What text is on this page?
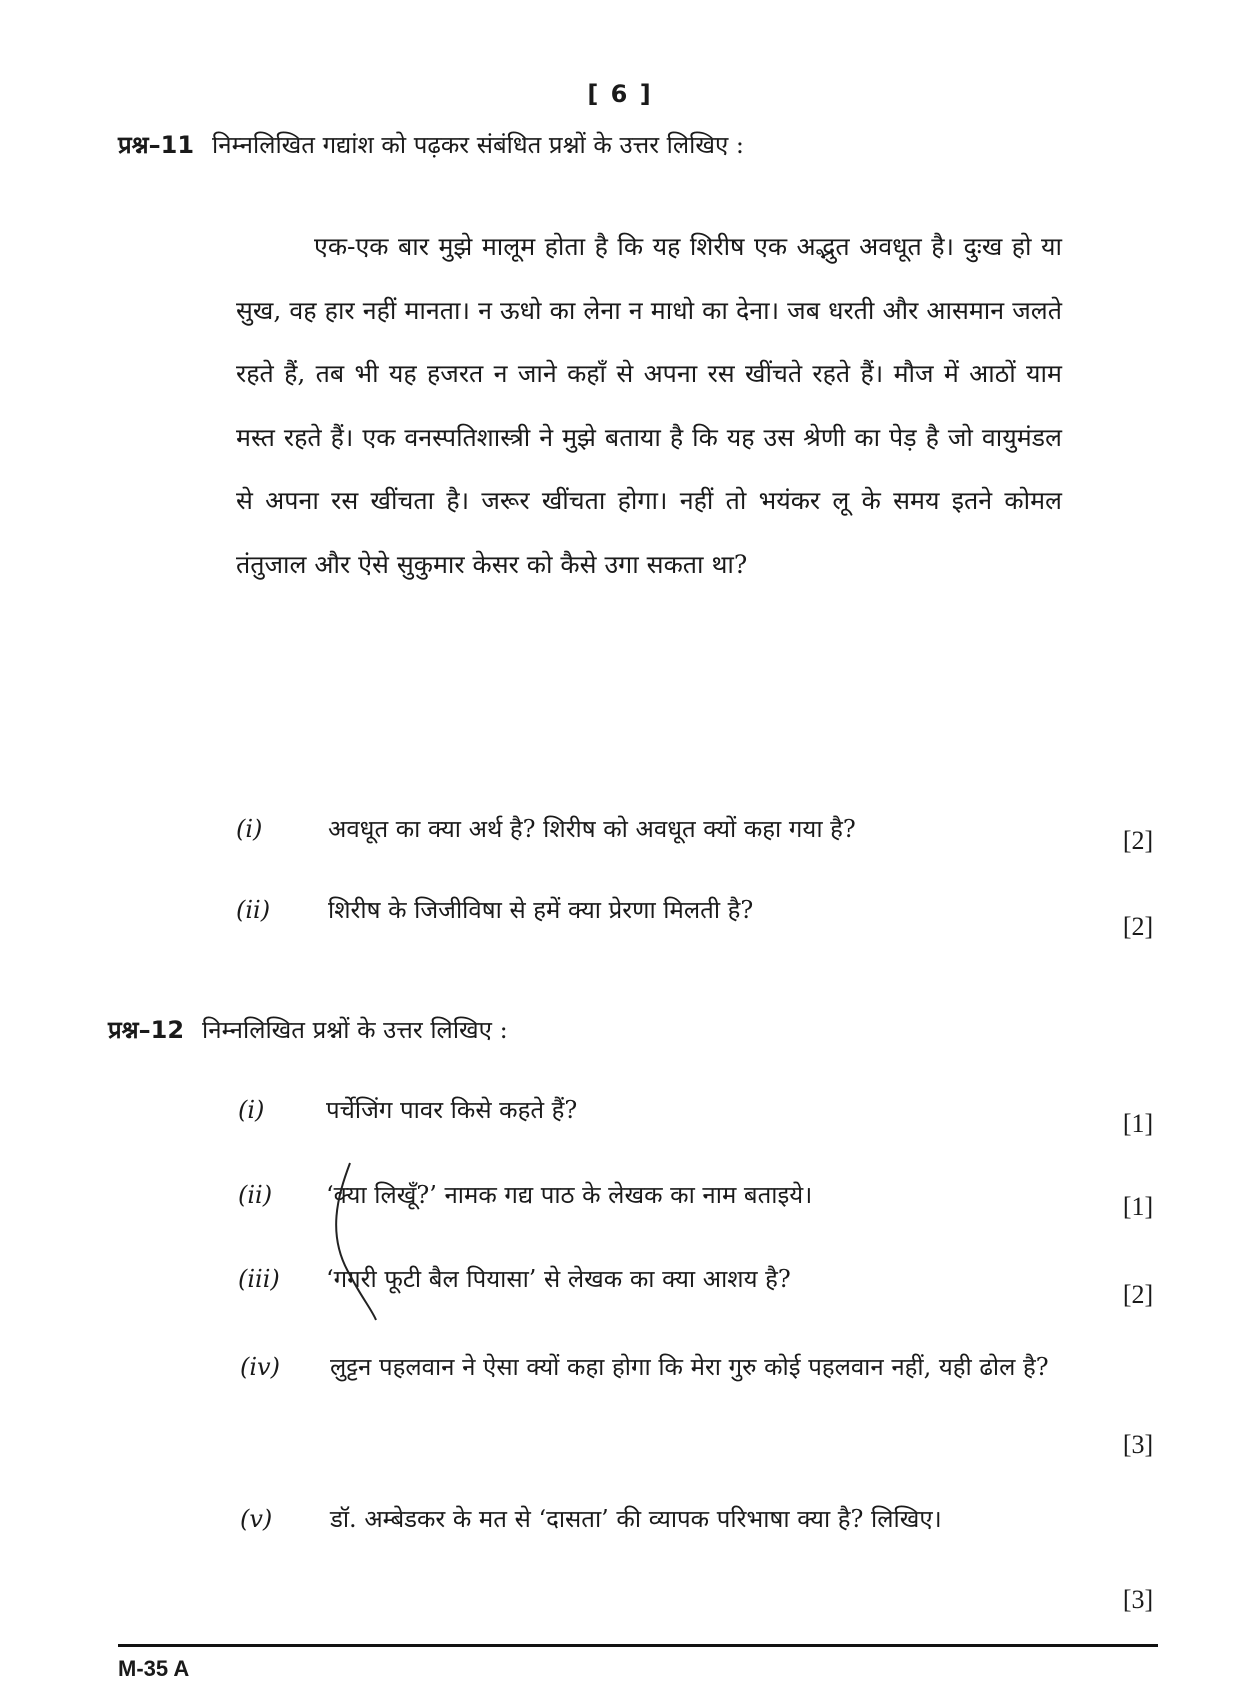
[ 6 ]
प्रश्न–11 निम्नलिखित गद्यांश को पढ़कर संबंधित प्रश्नों के उत्तर लिखिए :

एक-एक बार मुझे मालूम होता है कि यह शिरीष एक अद्भुत अवधूत है। दुःख हो या सुख, वह हार नहीं मानता। न ऊधो का लेना न माधो का देना। जब धरती और आसमान जलते रहते हैं, तब भी यह हजरत न जाने कहाँ से अपना रस खींचते रहते हैं। मौज में आठों याम मस्त रहते हैं। एक वनस्पतिशास्त्री ने मुझे बताया है कि यह उस श्रेणी का पेड़ है जो वायुमंडल से अपना रस खींचता है। जरूर खींचता होगा। नहीं तो भयंकर लू के समय इतने कोमल तंतुजाल और ऐसे सुकुमार केसर को कैसे उगा सकता था?

(i)	अवधूत का क्या अर्थ है? शिरीष को अवधूत क्यों कहा गया है?	[2]
(ii) शिरीष के जिजीविषा से हमें क्या प्रेरणा मिलती है?
[2]
प्रश्न–12 निम्नलिखित प्रश्नों के उत्तर लिखिए :
(i)	पर्चेजिंग पावर किसे कहते हैं?	[1]
(ii) ‘क्या लिखूँ?’ नामक गद्य पाठ के लेखक का नाम बताइये।	[1]
(iii) ‘गगरी फूटी बैल पियासा’ से लेखक का क्या आशय है?
[2]
(iv) लुट्टन पहलवान ने ऐसा क्यों कहा होगा कि मेरा गुरु कोई पहलवान नहीं, यही ढोल है?
[3]
(v) डॉ. अम्बेडकर के मत से ‘दासता’ की व्यापक परिभाषा क्या है? लिखिए।
[3]
M-35 A
